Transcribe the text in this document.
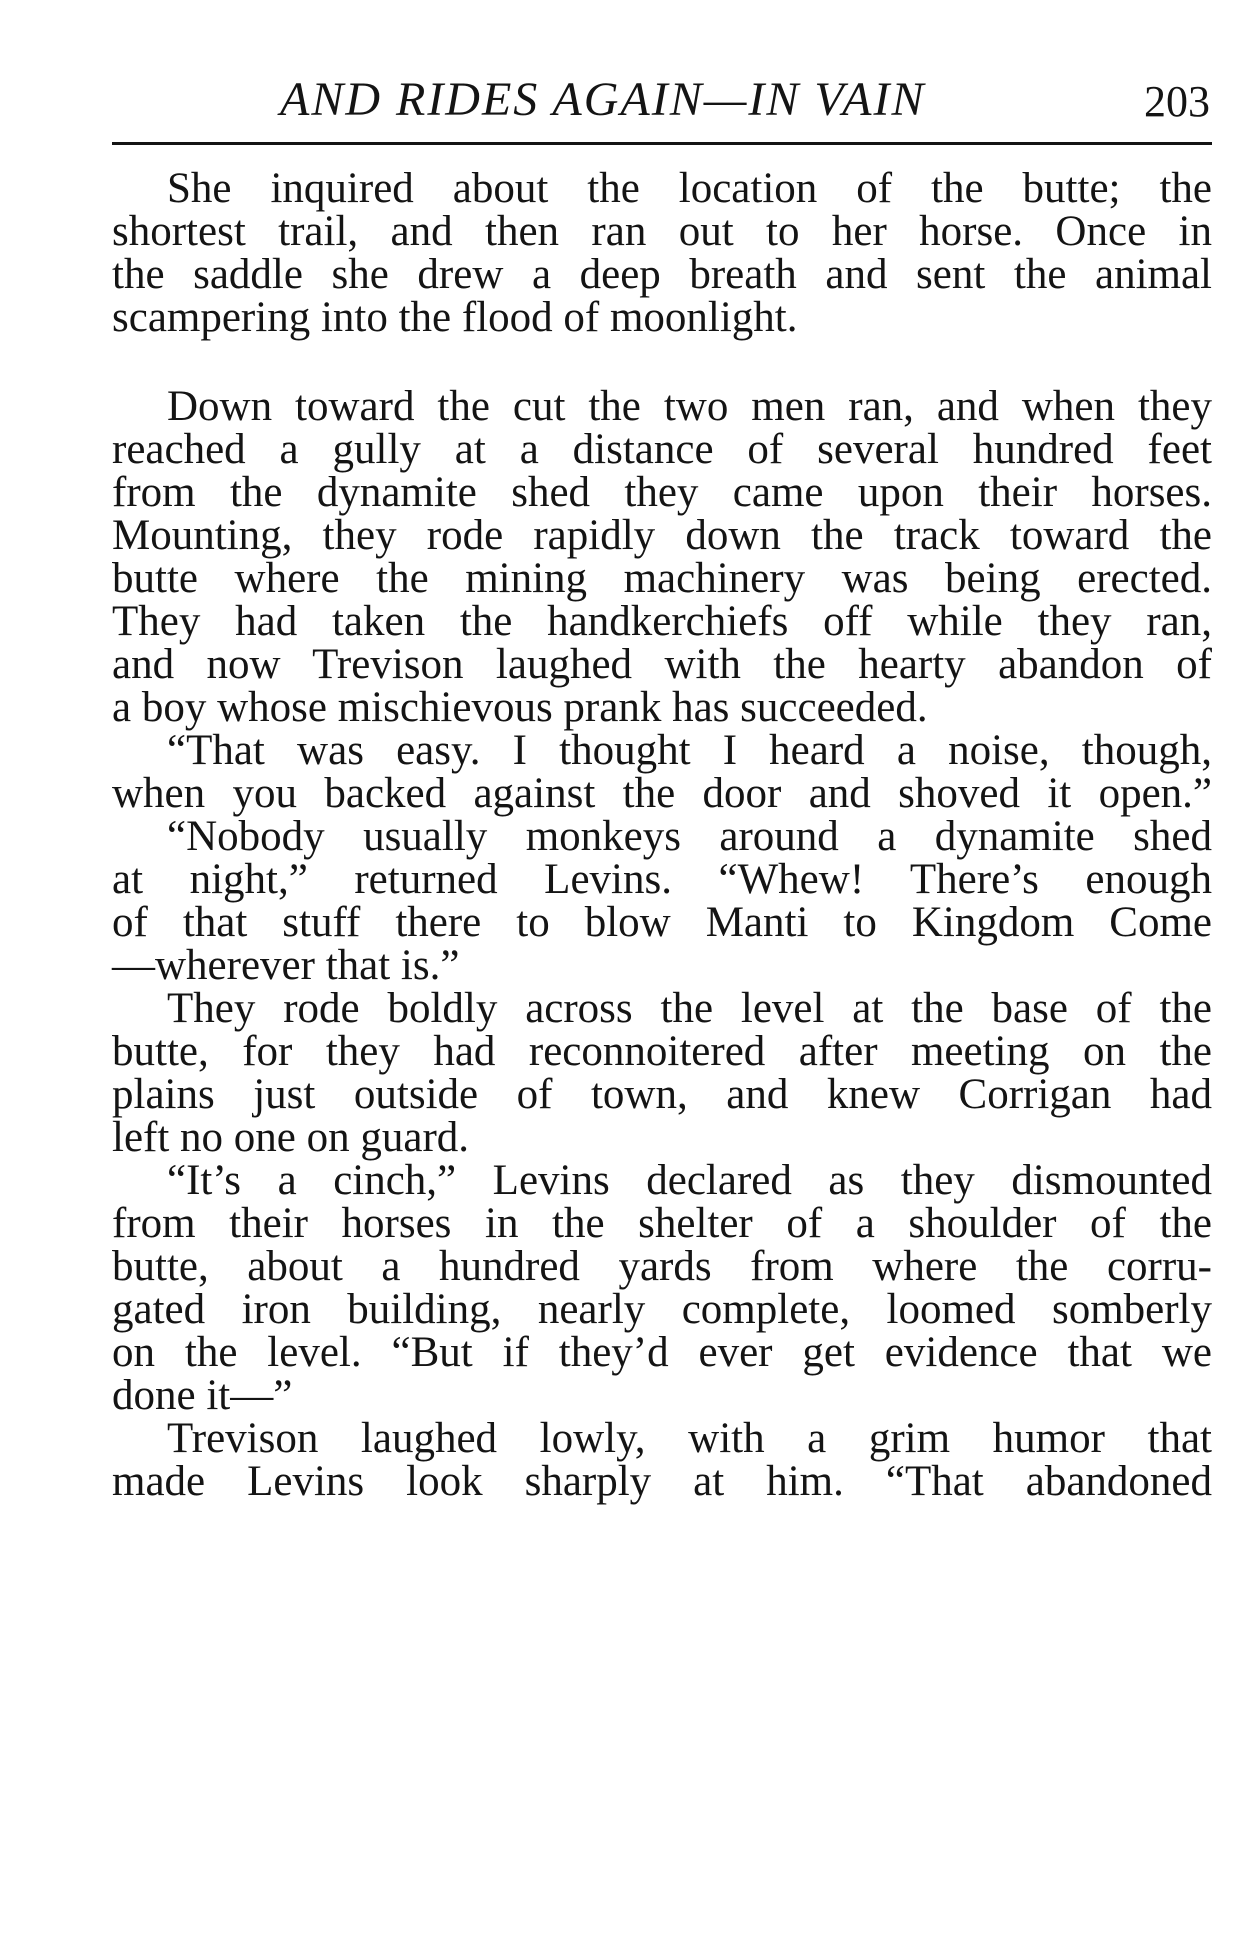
AND RIDES AGAIN—IN VAIN	203
She inquired about the location of the butte; the
shortest trail, and then ran out to her horse. Once in
the saddle she drew a deep breath and sent the animal
scampering into the flood of moonlight.
Down toward the cut the two men ran, and when they
reached a gully at a distance of several hundred feet
from the dynamite shed they came upon their horses.
Mounting, they rode rapidly down the track toward the
butte where the mining machinery was being erected.
They had taken the handkerchiefs off while they ran,
and now Trevison laughed with the hearty abandon of
a boy whose mischievous prank has succeeded.
“That was easy. I thought I heard a noise, though,
when you backed against the door and shoved it open.”
“Nobody usually monkeys around a dynamite shed
at night,” returned Levins. “Whew! There’s enough
of that stuff there to blow Manti to Kingdom Come
—wherever that is.”
They rode boldly across the level at the base of the
butte, for they had reconnoitered after meeting on the
plains just outside of town, and knew Corrigan had
left no one on guard.
“It’s a cinch,” Levins declared as they dismounted
from their horses in the shelter of a shoulder of the
butte, about a hundred yards from where the corru-
gated iron building, nearly complete, loomed somberly
on the level. “But if they’d ever get evidence that we
done it—”
Trevison laughed lowly, with a grim humor that
made Levins look sharply at him. “That abandoned
